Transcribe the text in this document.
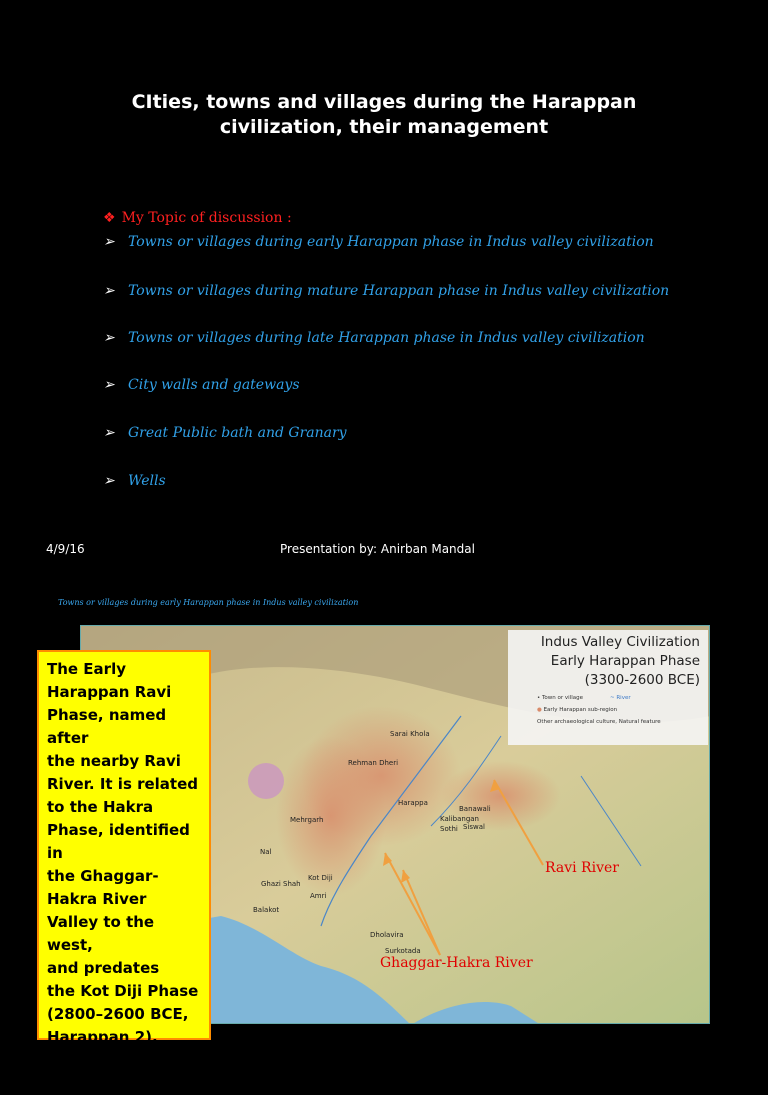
CIties, towns and villages during the Harappan
civilization, their management
❖ My Topic of discussion :
➢ Towns or villages during early Harappan phase in Indus valley civilization
➢ Towns or villages during mature Harappan phase in Indus valley civilization
➢ Towns or villages during late Harappan phase in Indus valley civilization
➢ City walls and gateways
➢ Great Public bath and Granary
➢ Wells
4/9/16	Presentation by: Anirban Mandal
Towns or villages during early Harappan phase in Indus valley civilization
Indus Valley Civilization
Early Harappan Phase
(3300-2600 BCE)
• Town or village	~ River
● Early Harappan sub-region
Other archaeological culture, Natural feature
Sarai Khola
Rehman Dheri
Harappa
Banawali
Kalibangan
Siswal
Sothi
Mehrgarh
Kot Diji
Amri
Ghazi Shah
Balakot
Dholavira
Surkotada
Nal
Ravi River
Ghaggar-Hakra River

The Early

Harappan Ravi

Phase, named after

the nearby Ravi

River. It is related

to the Hakra

Phase, identified in

the Ghaggar-

Hakra River

Valley to the west,

and predates

the Kot Diji Phase

(2800–2600 BCE,

Harappan 2),

named after a site

in northern Sindh,
